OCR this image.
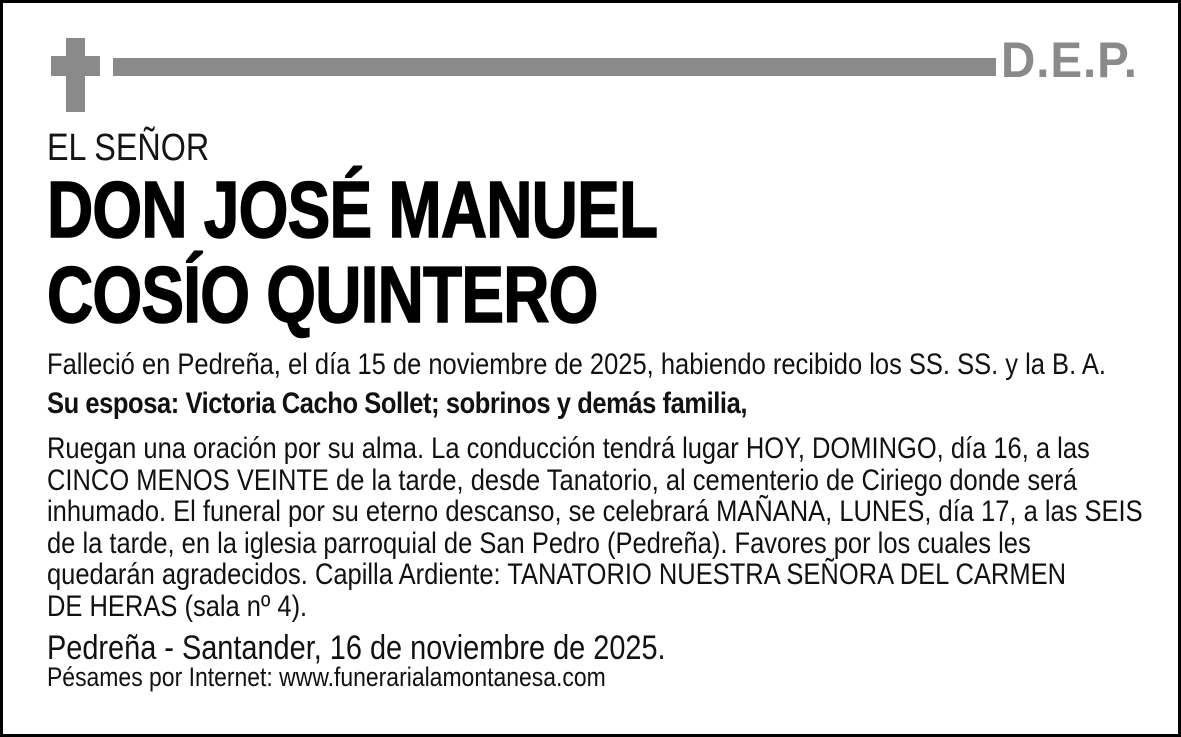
D.E.P.
EL SEÑOR
DON JOSÉ MANUEL
COSÍO QUINTERO
Falleció en Pedreña, el día 15 de noviembre de 2025, habiendo recibido los SS. SS. y la B. A.
Su esposa: Victoria Cacho Sollet; sobrinos y demás familia,
Ruegan una oración por su alma. La conducción tendrá lugar HOY, DOMINGO, día 16, a las
CINCO MENOS VEINTE de la tarde, desde Tanatorio, al cementerio de Ciriego donde será
inhumado. El funeral por su eterno descanso, se celebrará MAÑANA, LUNES, día 17, a las SEIS
de la tarde, en la iglesia parroquial de San Pedro (Pedreña). Favores por los cuales les
quedarán agradecidos. Capilla Ardiente: TANATORIO NUESTRA SEÑORA DEL CARMEN
DE HERAS (sala nº 4).
Pedreña - Santander, 16 de noviembre de 2025.
Pésames por Internet: www.funerarialamontanesa.com
